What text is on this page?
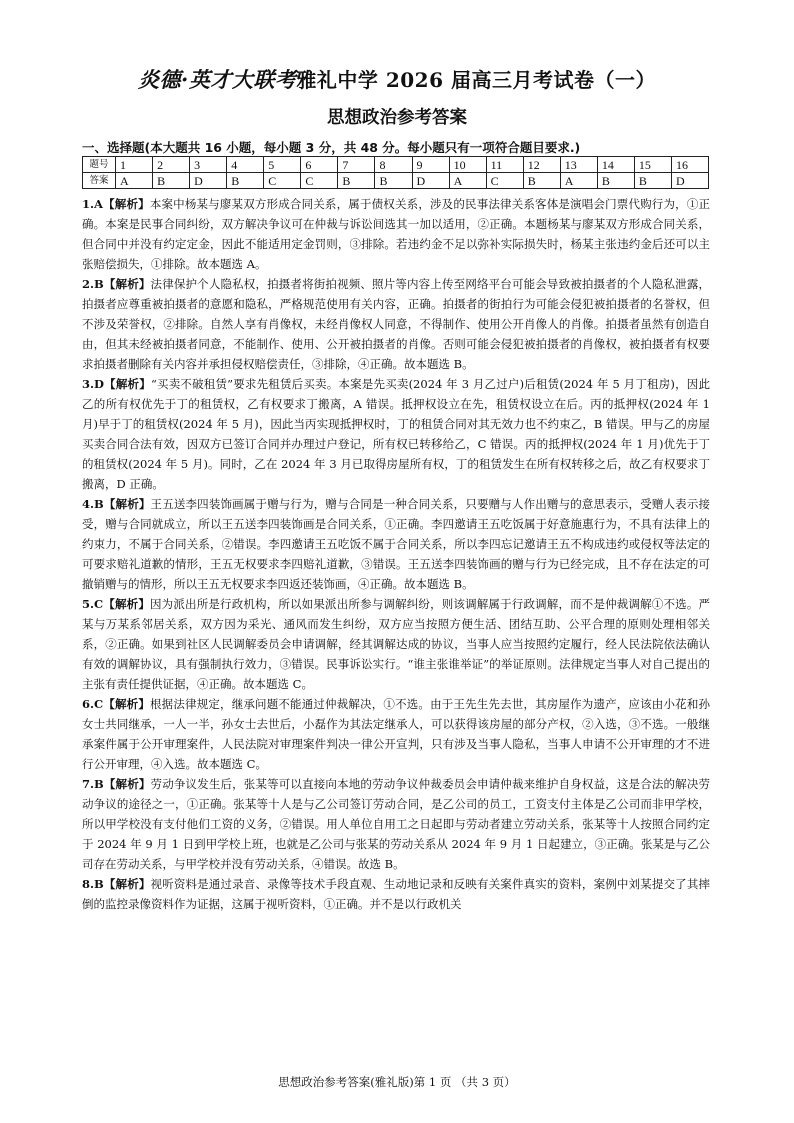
炎德·英才大联考雅礼中学 2026 届高三月考试卷（一）
思想政治参考答案
一、选择题(本大题共 16 小题，每小题 3 分，共 48 分。每小题只有一项符合题目要求.)
题号	1	2	3	4	5	6	7	8	9	10	11	12	13	14	15	16
答案	A	B	D	B	C	C	B	B	D	A	C	B	A	B	B	D

1.A【解析】本案中杨某与廖某双方形成合同关系，属于债权关系，涉及的民事法律关系客体是演唱会门票代购行为，①正确。本案是民事合同纠纷，双方解决争议可在仲裁与诉讼间选其一加以适用，②正确。本题杨某与廖某双方形成合同关系，但合同中并没有约定定金，因此不能适用定金罚则，③排除。若违约金不足以弥补实际损失时，杨某主张违约金后还可以主张赔偿损失，①排除。故本题选 A。

2.B【解析】法律保护个人隐私权，拍摄者将街拍视频、照片等内容上传至网络平台可能会导致被拍摄者的个人隐私泄露，拍摄者应尊重被拍摄者的意愿和隐私，严格规范使用有关内容，正确。拍摄者的街拍行为可能会侵犯被拍摄者的名誉权，但不涉及荣誉权，②排除。自然人享有肖像权，未经肖像权人同意，不得制作、使用公开肖像人的肖像。拍摄者虽然有创造自由，但其未经被拍摄者同意，不能制作、使用、公开被拍摄者的肖像。否则可能会侵犯被拍摄者的肖像权，被拍摄者有权要求拍摄者删除有关内容并承担侵权赔偿责任，③排除，④正确。故本题选 B。

3.D【解析】“买卖不破租赁”要求先租赁后买卖。本案是先买卖(2024 年 3 月乙过户)后租赁(2024 年 5 月丁租房)，因此乙的所有权优先于丁的租赁权，乙有权要求丁搬离，A 错误。抵押权设立在先，租赁权设立在后。丙的抵押权(2024 年 1 月)早于丁的租赁权(2024 年 5 月)，因此当丙实现抵押权时，丁的租赁合同对其无效力也不约束乙，B 错误。甲与乙的房屋买卖合同合法有效，因双方已签订合同并办理过户登记，所有权已转移给乙，C 错误。丙的抵押权(2024 年 1 月)优先于丁的租赁权(2024 年 5 月)。同时，乙在 2024 年 3 月已取得房屋所有权，丁的租赁发生在所有权转移之后，故乙有权要求丁搬离，D 正确。

4.B【解析】王五送李四装饰画属于赠与行为，赠与合同是一种合同关系，只要赠与人作出赠与的意思表示，受赠人表示接受，赠与合同就成立，所以王五送李四装饰画是合同关系，①正确。李四邀请王五吃饭属于好意施惠行为，不具有法律上的约束力，不属于合同关系，②错误。李四邀请王五吃饭不属于合同关系，所以李四忘记邀请王五不构成违约或侵权等法定的可要求赔礼道歉的情形，王五无权要求李四赔礼道歉，③错误。王五送李四装饰画的赠与行为已经完成，且不存在法定的可撤销赠与的情形，所以王五无权要求李四返还装饰画，④正确。故本题选 B。

5.C【解析】因为派出所是行政机构，所以如果派出所参与调解纠纷，则该调解属于行政调解，而不是仲裁调解①不选。严某与万某系邻居关系，双方因为采光、通风而发生纠纷，双方应当按照方便生活、团结互助、公平合理的原则处理相邻关系，②正确。如果到社区人民调解委员会申请调解，经其调解达成的协议，当事人应当按照约定履行，经人民法院依法确认有效的调解协议，具有强制执行效力，③错误。民事诉讼实行。“谁主张谁举证”的举证原则。法律规定当事人对自己提出的主张有责任提供证据，④正确。故本题选 C。

6.C【解析】根据法律规定，继承问题不能通过仲裁解决，①不选。由于王先生先去世，其房屋作为遗产，应该由小花和孙女士共同继承，一人一半，孙女士去世后，小磊作为其法定继承人，可以获得该房屋的部分产权，②入选，③不选。一般继承案件属于公开审理案件，人民法院对审理案件判决一律公开宣判，只有涉及当事人隐私，当事人申请不公开审理的才不进行公开审理，④入选。故本题选 C。

7.B【解析】劳动争议发生后，张某等可以直接向本地的劳动争议仲裁委员会申请仲裁来维护自身权益，这是合法的解决劳动争议的途径之一，①正确。张某等十人是与乙公司签订劳动合同，是乙公司的员工，工资支付主体是乙公司而非甲学校，所以甲学校没有支付他们工资的义务，②错误。用人单位自用工之日起即与劳动者建立劳动关系，张某等十人按照合同约定于 2024 年 9 月 1 日到甲学校上班，也就是乙公司与张某的劳动关系从 2024 年 9 月 1 日起建立，③正确。张某是与乙公司存在劳动关系，与甲学校并没有劳动关系，④错误。故选 B。

8.B【解析】视听资料是通过录音、录像等技术手段直观、生动地记录和反映有关案件真实的资料，案例中刘某提交了其摔倒的监控录像资料作为证据，这属于视听资料，①正确。并不是以行政机关

思想政治参考答案(雅礼版)第 1 页 （共 3 页）
